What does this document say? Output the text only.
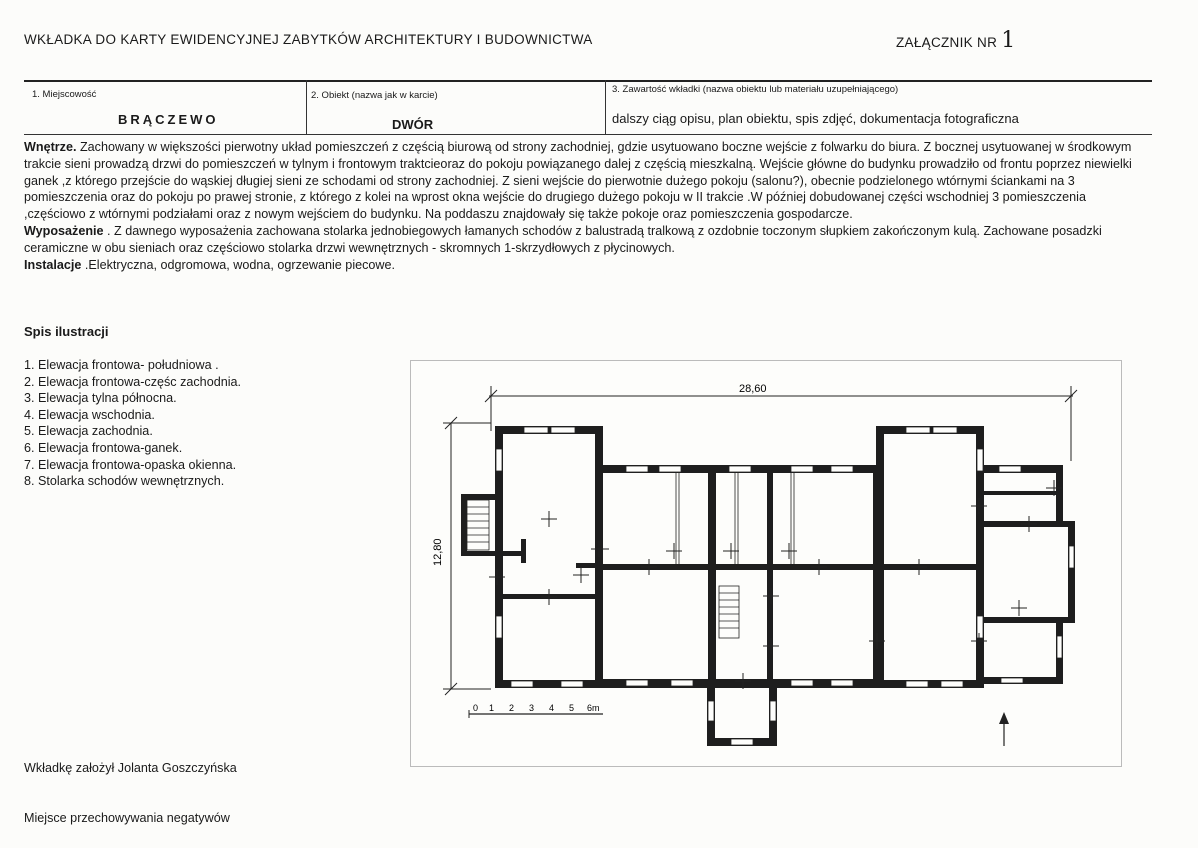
WKŁADKA DO KARTY EWIDENCYJNEJ ZABYTKÓW ARCHITEKTURY I BUDOWNICTWA	ZAŁĄCZNIK NR 1
1. Miejscowość
BRĄCZEWO
2. Obiekt (nazwa jak w karcie)
DWÓR
3. Zawartość wkładki (nazwa obiektu lub materiału uzupełniającego)
dalszy ciąg opisu, plan obiektu, spis zdjęć, dokumentacja fotograficzna

Wnętrze. Zachowany w większości pierwotny układ pomieszczeń z częścią biurową od strony zachodniej, gdzie usytuowano boczne wejście z folwarku do biura. Z bocznej usytuowanej w środkowym trakcie sieni prowadzą drzwi do pomieszczeń w tylnym i frontowym traktcieoraz do pokoju powiązanego dalej z częścią mieszkalną. Wejście główne do budynku prowadziło od frontu poprzez niewielki ganek ,z którego przejście do wąskiej długiej sieni ze schodami od strony zachodniej. Z sieni wejście do pierwotnie dużego pokoju (salonu?), obecnie podzielonego wtórnymi ściankami na 3 pomieszczenia oraz do pokoju po prawej stronie, z którego z kolei na wprost okna wejście do drugiego dużego pokoju w II trakcie .W później dobudowanej części wschodniej 3 pomieszczenia ,częściowo z wtórnymi podziałami oraz z nowym wejściem do budynku. Na poddaszu znajdowały się także pokoje oraz pomieszczenia gospodarcze.

Wyposażenie . Z dawnego wyposażenia zachowana stolarka jednobiegowych łamanych schodów z balustradą tralkową z ozdobnie toczonym słupkiem zakończonym kulą. Zachowane posadzki ceramiczne w obu sieniach oraz częściowo stolarka drzwi wewnętrznych - skromnych 1-skrzydłowych z płycinowych.

Instalacje .Elektryczna, odgromowa, wodna, ogrzewanie piecowe.

Spis ilustracji
1. Elewacja frontowa- południowa .
2. Elewacja frontowa-częśc zachodnia.
3. Elewacja tylna północna.
4. Elewacja wschodnia.
5. Elewacja zachodnia.
6. Elewacja frontowa-ganek.
7. Elewacja frontowa-opaska okienna.
8. Stolarka schodów wewnętrznych.
28,60
12,80
0 1 2 3 4 5 6m
Wkładkę założył Jolanta Goszczyńska
Miejsce przechowywania negatywów
